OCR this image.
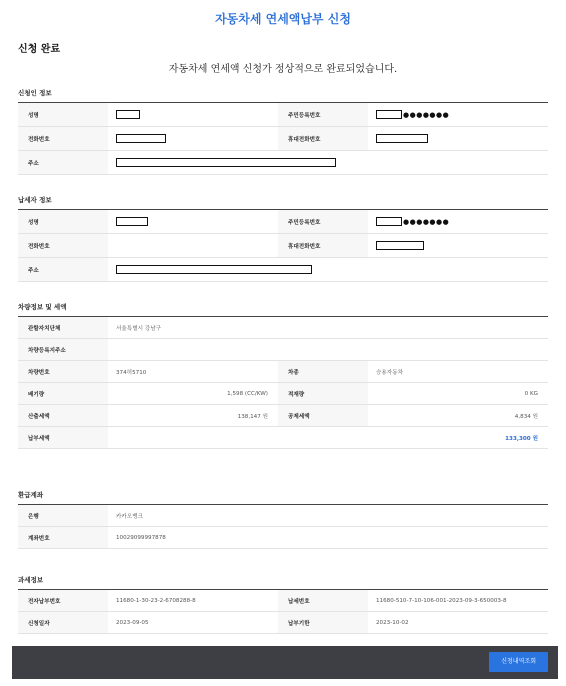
자동차세 연세액납부 신청
신청 완료
자동차세 연세액 신청가 정상적으로 완료되었습니다.
신청인 정보
성명		주민등록번호	●●●●●●●
전화번호		휴대전화번호	
주소			
납세자 정보
성명		주민등록번호	●●●●●●●
전화번호		휴대전화번호	
주소			
차량정보 및 세액
관할자치단체	서울특별시 강남구		
차량등록지주소			
차량번호	374허5710	차종	승용자동차
배기량	1,598 (CC/KW)	적재량	0 KG
산출세액	138,147 원	공제세액	4,834 원
납부세액	133,300 원		
환급계좌
은행	카카오뱅크
계좌번호	10029099997878
과세정보
전자납부번호	11680-1-30-23-2-6708288-8	납세번호	11680-510-7-10-106-001-2023-09-3-650003-8
신청일자	2023-09-05	납부기한	2023-10-02
신청내역조회
